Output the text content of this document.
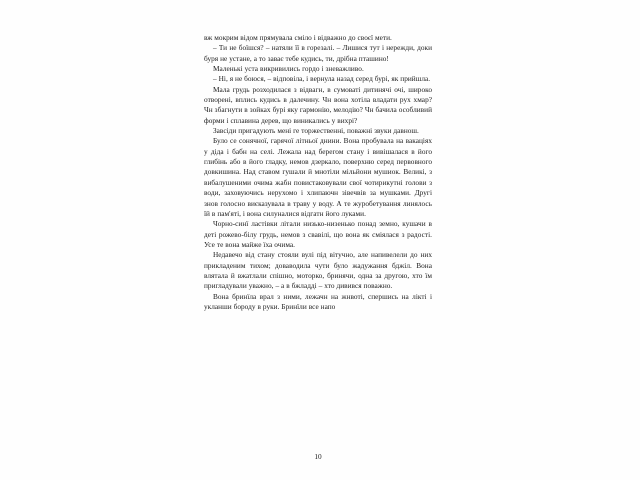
вж мокрим відом прямувала сміло і відважно до своєї мети.

– Ти не боїшся? – натяли її в горезалі. – Лишися тут і нережди, доки буря не устане, а то заває тебе кудись, ти, дрібна пташино!

Маленькі уста викривились гордо і зневажливо.

– Ні, я не боюся, – відповіла, і вернула назад серед бурі, як прийшла.

Мала грудь розходилася з відвагн, в сумоваті дитинячі очі, широко отворені, вплись кудись в далечину. Чн вона хотіла владати рух хмар? Чн збагнути в зойках бурі яку гармонію, мелодію? Чн бачила особливий форми і сплавина дерев, що виникались у вихрі?

Завсіди пригадують мені ге торжественні, поважні звуки давнош.

Було се сонячної, гарячої літньої днини. Вона пробувала на вакаціях у діда і бабн на селі. Лежала над берегом стану і вивішалася в його глибінь або в його гладку, немов дзеркало, поверхню серед первовного довкишина. Над ставом гушали й мнотіли мільйони мушиок. Великі, з вибалушеними очима жабн повистаковували свої чотирикутні голови з води, заховуючись нерухомо і хлипаючн зівечвів за мушками. Другі знов голосно виєказувала в траву у воду. А те журобетування линялось їй в пам'яті, і вона силуналися відгатн його луками.

Чорно-синї ластівки літали низько-низенько понад земно, кушачи в деті рожево-білу грудь, немов з свавілі, що вона як сміялася з радості. Усе те вона майже їха очима.

Недавечо від стану стояли вулі під вітучно, але напивелели до них прикладеним тихом; доваводила чути було жадужання бджіл. Вона влятала й вжатлали спішно, моторко, бринячи, одна за другою, хто їм пригладували уважно, – а в бжладді – хто дивився поважно.

Вона бринїла врал з ними, лежачн на жнвоті, спершись на лікті і укланши бороду в руки. Бринїли все напо

10
